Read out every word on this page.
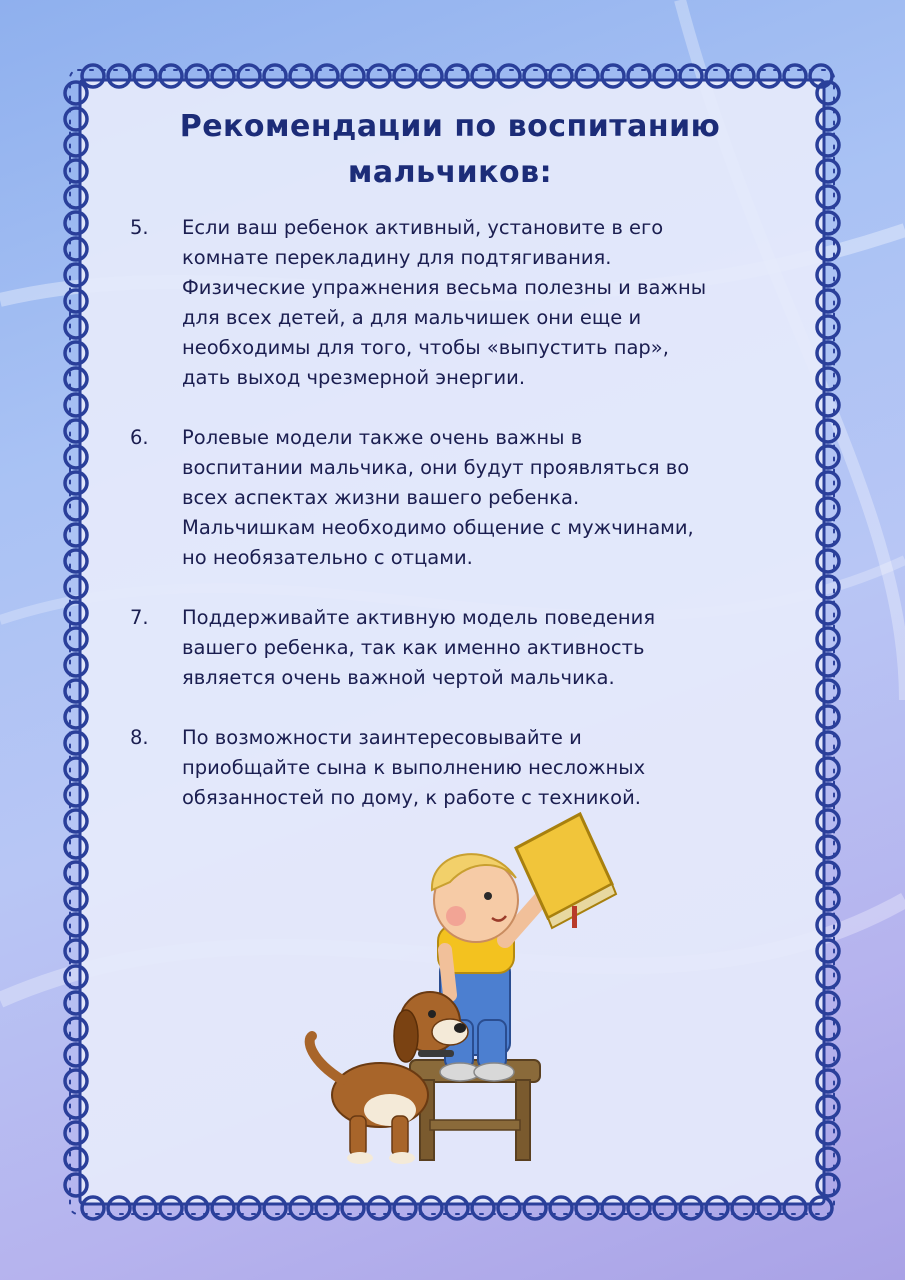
Рекомендации по воспитанию
мальчиков:
5.	Если ваш ребенок активный, установите в его
комнате перекладину для подтягивания.
Физические упражнения весьма полезны и важны
для всех детей, а для мальчишек они еще и
необходимы для того, чтобы «выпустить пар»,
дать выход чрезмерной энергии.
6.	Ролевые модели также очень важны в
воспитании мальчика, они будут проявляться во
всех аспектах жизни вашего ребенка.
Мальчишкам необходимо общение с мужчинами,
но необязательно с отцами.
7.	Поддерживайте активную модель поведения
вашего ребенка, так как именно активность
является очень важной чертой мальчика.
8.	По возможности заинтересовывайте и
приобщайте сына к выполнению несложных
обязанностей по дому, к работе с техникой.
